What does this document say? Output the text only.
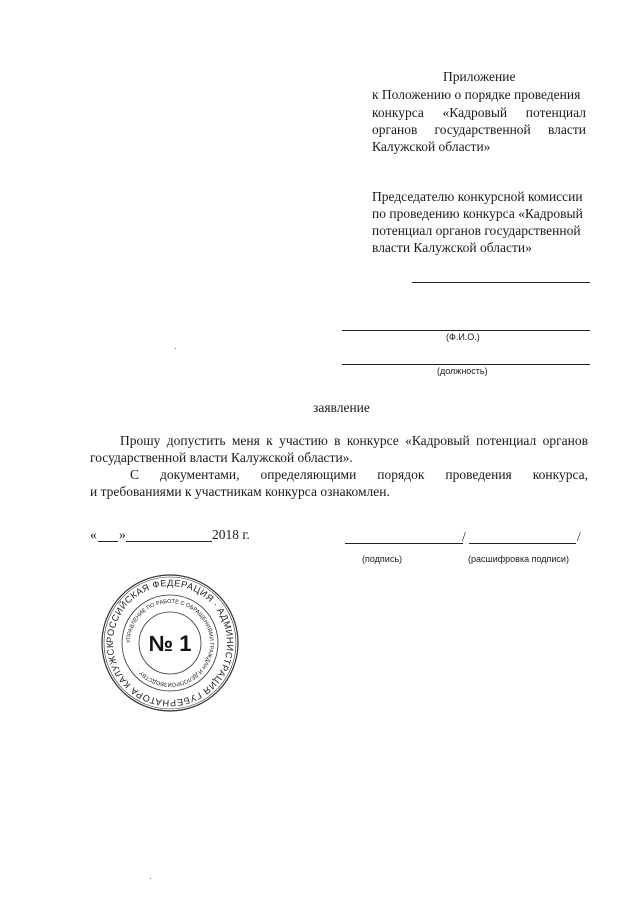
Приложение
к Положению о порядке проведения
конкурса «Кадровый потенциал
органов государственной власти
Калужской области»
Председателю конкурсной комиссии
по проведению конкурса «Кадровый
потенциал органов государственной
власти Калужской области»
(Ф.И.О.)
(должность)
заявление
Прошу допустить меня к участию в конкурсе «Кадровый потенциал органов
государственной власти Калужской области».
С документами, определяющими порядок проведения конкурса,
и требованиями к участникам конкурса ознакомлен.
« »	2018 г.	/	/
(подпись)	(расшифровка подписи)
РОССИЙСКАЯ ФЕДЕРАЦИЯ · АДМИНИСТРАЦИЯ ГУБЕРНАТОРА КАЛУЖСК
УПРАВЛЕНИЕ ПО РАБОТЕ С ОБРАЩЕНИЯМИ ГРАЖДАН И ДЕЛОПРОИЗВОДСТВУ ·
№ 1
